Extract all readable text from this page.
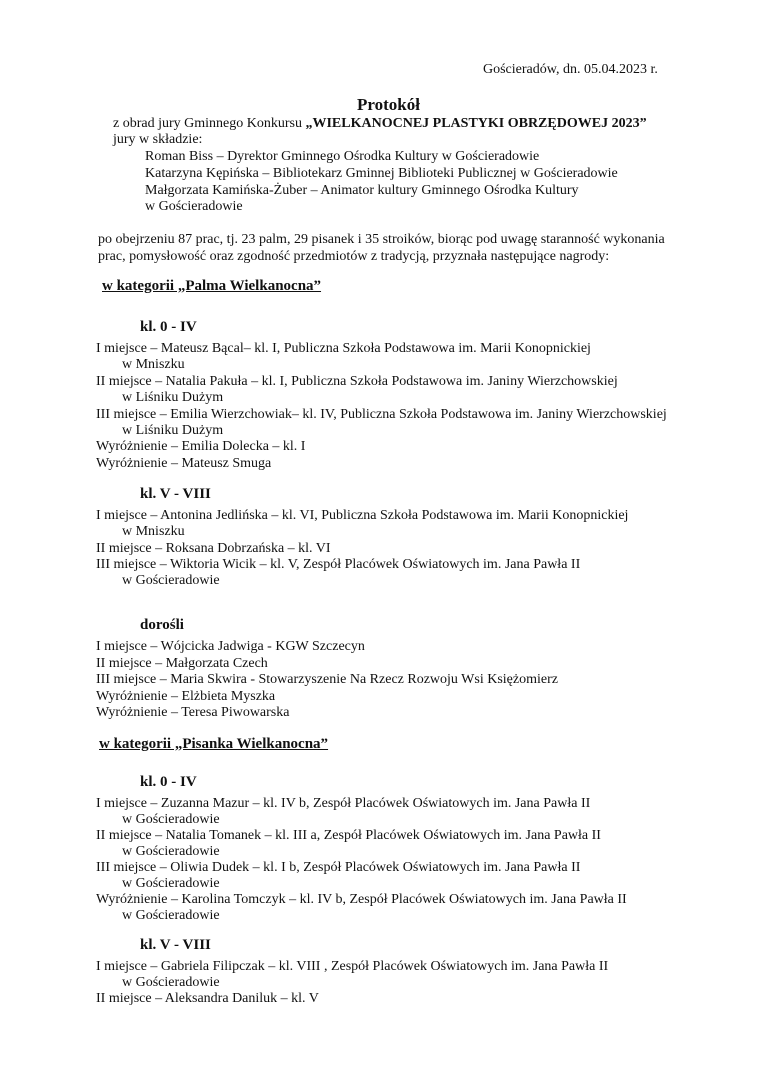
Gościeradów, dn. 05.04.2023 r.
Protokół
z obrad jury Gminnego Konkursu „WIELKANOCNEJ PLASTYKI OBRZĘDOWEJ 2023”
jury w składzie:
Roman Biss – Dyrektor Gminnego Ośrodka Kultury w Gościeradowie
Katarzyna Kępińska – Bibliotekarz Gminnej Biblioteki Publicznej w Gościeradowie
Małgorzata Kamińska-Żuber – Animator kultury Gminnego Ośrodka Kultury
w Gościeradowie
po obejrzeniu 87 prac, tj. 23 palm, 29 pisanek i 35 stroików, biorąc pod uwagę staranność wykonania
prac, pomysłowość oraz zgodność przedmiotów z tradycją, przyznała następujące nagrody:
w kategorii „Palma Wielkanocna”
kl. 0 - IV
I miejsce – Mateusz Bącal– kl. I, Publiczna Szkoła Podstawowa im. Marii Konopnickiej
w Mniszku
II miejsce – Natalia Pakuła – kl. I, Publiczna Szkoła Podstawowa im. Janiny Wierzchowskiej
w Liśniku Dużym
III miejsce – Emilia Wierzchowiak– kl. IV, Publiczna Szkoła Podstawowa im. Janiny Wierzchowskiej
w Liśniku Dużym
Wyróżnienie – Emilia Dolecka – kl. I
Wyróżnienie – Mateusz Smuga
kl. V - VIII
I miejsce – Antonina Jedlińska – kl. VI, Publiczna Szkoła Podstawowa im. Marii Konopnickiej
w Mniszku
II miejsce – Roksana Dobrzańska – kl. VI
III miejsce – Wiktoria Wicik – kl. V, Zespół Placówek Oświatowych im. Jana Pawła II
w Gościeradowie
dorośli
I miejsce – Wójcicka Jadwiga - KGW Szczecyn
II miejsce – Małgorzata Czech
III miejsce – Maria Skwira - Stowarzyszenie Na Rzecz Rozwoju Wsi Księżomierz
Wyróżnienie – Elżbieta Myszka
Wyróżnienie – Teresa Piwowarska
w kategorii „Pisanka Wielkanocna”
kl. 0 - IV
I miejsce – Zuzanna Mazur – kl. IV b, Zespół Placówek Oświatowych im. Jana Pawła II
w Gościeradowie
II miejsce – Natalia Tomanek – kl. III a, Zespół Placówek Oświatowych im. Jana Pawła II
w Gościeradowie
III miejsce – Oliwia Dudek – kl. I b, Zespół Placówek Oświatowych im. Jana Pawła II
w Gościeradowie
Wyróżnienie – Karolina Tomczyk – kl. IV b, Zespół Placówek Oświatowych im. Jana Pawła II
w Gościeradowie
kl. V - VIII
I miejsce – Gabriela Filipczak – kl. VIII , Zespół Placówek Oświatowych im. Jana Pawła II
w Gościeradowie
II miejsce – Aleksandra Daniluk – kl. V
